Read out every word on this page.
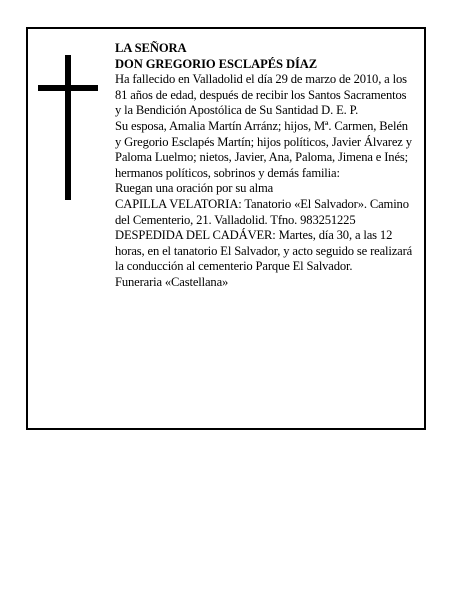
LA SEÑORA

DON GREGORIO ESCLAPÉS DÍAZ

Ha fallecido en Valladolid el día 29 de marzo de 2010, a los 81 años de edad, después de recibir los Santos Sacramentos y la Bendición Apostólica de Su Santidad D. E. P.

Su esposa, Amalia Martín Arránz; hijos, Mª. Carmen, Belén y Gregorio Esclapés Martín; hijos políticos, Javier Álvarez y Paloma Luelmo; nietos, Javier, Ana, Paloma, Jimena e Inés; hermanos políticos, sobrinos y demás familia:

Ruegan una oración por su alma

CAPILLA VELATORIA: Tanatorio «El Salvador». Camino del Cementerio, 21. Valladolid. Tfno. 983251225

DESPEDIDA DEL CADÁVER: Martes, día 30, a las 12 horas, en el tanatorio El Salvador, y acto seguido se realizará la conducción al cementerio Parque El Salvador.

Funeraria «Castellana»
